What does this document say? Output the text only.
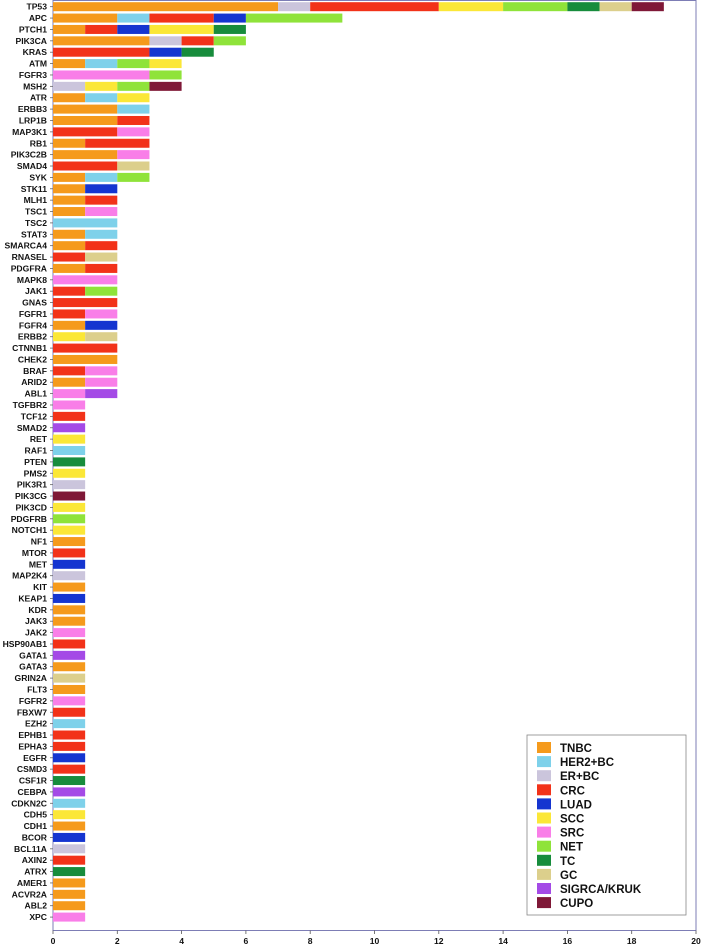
TP53
APC
PTCH1
PIK3CA
KRAS
ATM
FGFR3
MSH2
ATR
ERBB3
LRP1B
MAP3K1
RB1
PIK3C2B
SMAD4
SYK
STK11
MLH1
TSC1
TSC2
STAT3
SMARCA4
RNASEL
PDGFRA
MAPK8
JAK1
GNAS
FGFR1
FGFR4
ERBB2
CTNNB1
CHEK2
BRAF
ARID2
ABL1
TGFBR2
TCF12
SMAD2
RET
RAF1
PTEN
PMS2
PIK3R1
PIK3CG
PIK3CD
PDGFRB
NOTCH1
NF1
MTOR
MET
MAP2K4
KIT
KEAP1
KDR
JAK3
JAK2
HSP90AB1
GATA1
GATA3
GRIN2A
FLT3
FGFR2
FBXW7
EZH2
EPHB1
EPHA3
EGFR
CSMD3
CSF1R
CEBPA
CDKN2C
CDH5
CDH1
BCOR
BCL11A
AXIN2
ATRX
AMER1
ACVR2A
ABL2
XPC
0	2	4	6	8	10	12	14	16	18	20
TNBC
HER2+BC
ER+BC
CRC
LUAD
SCC
SRC
NET
TC
GC
SIGRCA/KRUK
CUPO
